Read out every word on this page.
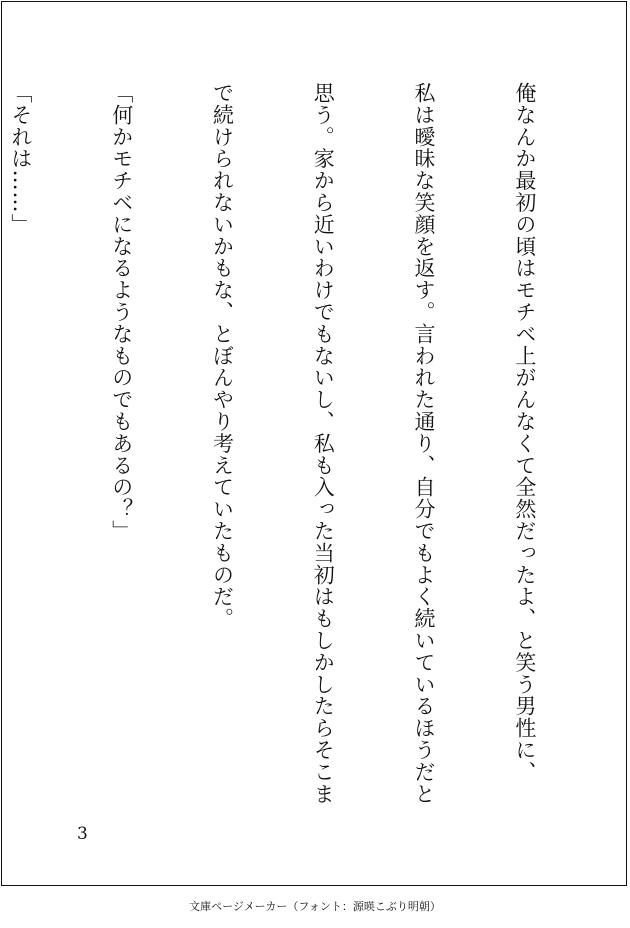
俺なんか最初の頃はモチベ上がんなくて全然だったよ、と笑う男性に、

私は曖昧な笑顔を返す。言われた通り、自分でもよく続いているほうだと

思う。家から近いわけでもないし、私も入った当初はもしかしたらそこま

で続けられないかもな、とぼんやり考えていたものだ。

「何かモチベになるようなものでもあるの？」

「それは……」

3
文庫ページメーカー（フォント：源暎こぶり明朝）
